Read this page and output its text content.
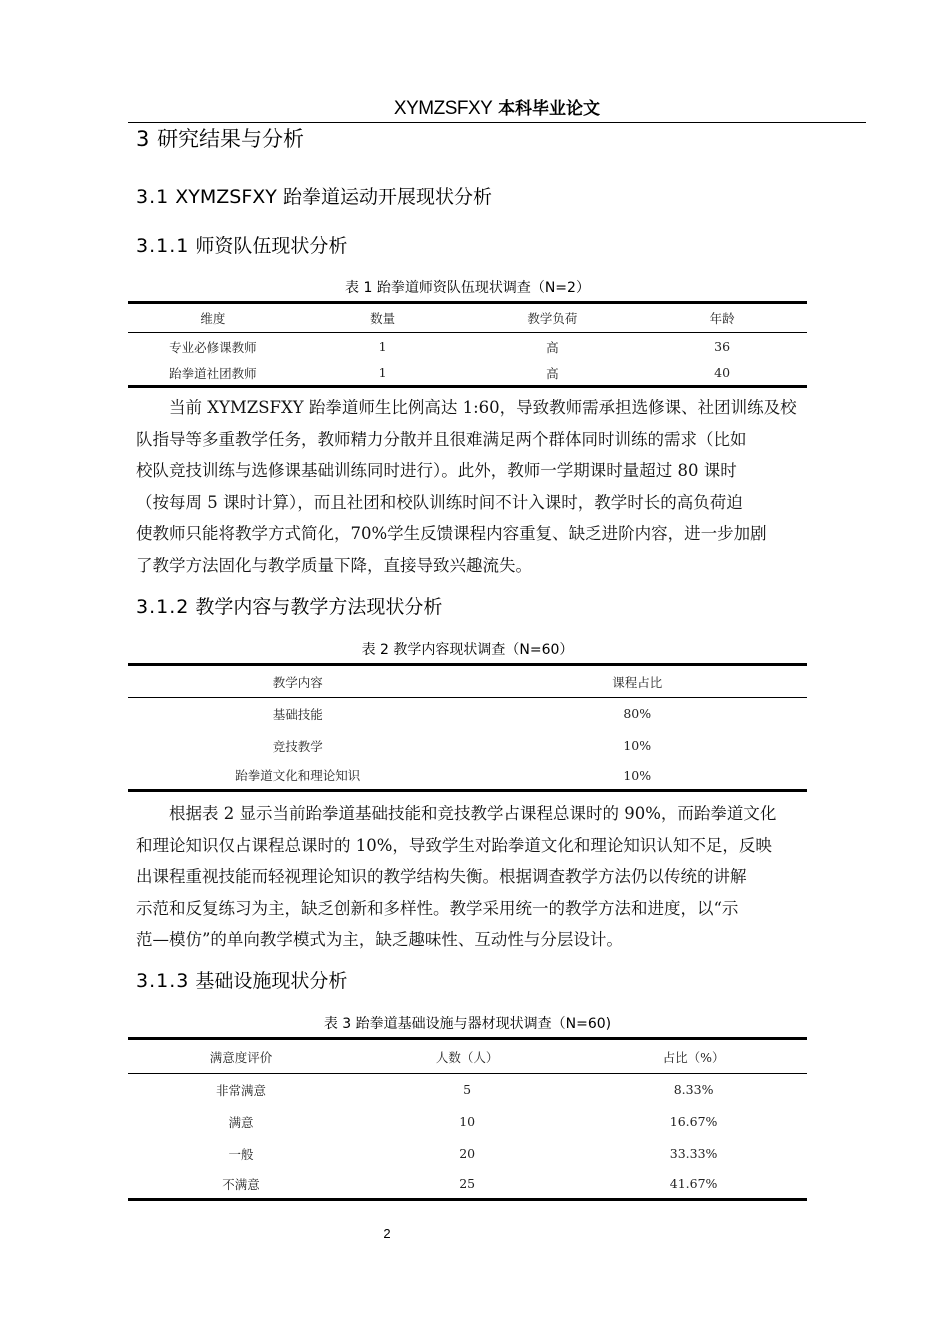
XYMZSFXY 本科毕业论文
3 研究结果与分析
3.1 XYMZSFXY 跆拳道运动开展现状分析
3.1.1 师资队伍现状分析
表 1 跆拳道师资队伍现状调查（N=2）
维度	数量	教学负荷	年龄
专业必修课教师	1	高	36
跆拳道社团教师	1	高	40
当前 XYMZSFXY 跆拳道师生比例高达 1:60，导致教师需承担选修课、社团训练及校
队指导等多重教学任务，教师精力分散并且很难满足两个群体同时训练的需求（比如
校队竞技训练与选修课基础训练同时进行）。此外，教师一学期课时量超过 80 课时
（按每周 5 课时计算），而且社团和校队训练时间不计入课时，教学时长的高负荷迫
使教师只能将教学方式简化，70%学生反馈课程内容重复、缺乏进阶内容，进一步加剧
了教学方法固化与教学质量下降，直接导致兴趣流失。
3.1.2 教学内容与教学方法现状分析
表 2 教学内容现状调查（N=60）
教学内容	课程占比
基础技能	80%
竞技教学	10%
跆拳道文化和理论知识	10%
根据表 2 显示当前跆拳道基础技能和竞技教学占课程总课时的 90%，而跆拳道文化
和理论知识仅占课程总课时的 10%，导致学生对跆拳道文化和理论知识认知不足，反映
出课程重视技能而轻视理论知识的教学结构失衡。根据调查教学方法仍以传统的讲解
示范和反复练习为主，缺乏创新和多样性。教学采用统一的教学方法和进度，以“示
范—模仿”的单向教学模式为主，缺乏趣味性、互动性与分层设计。
3.1.3 基础设施现状分析
表 3 跆拳道基础设施与器材现状调查（N=60)
满意度评价	人数（人）	占比（%）
非常满意	5	8.33%
满意	10	16.67%
一般	20	33.33%
不满意	25	41.67%
2
